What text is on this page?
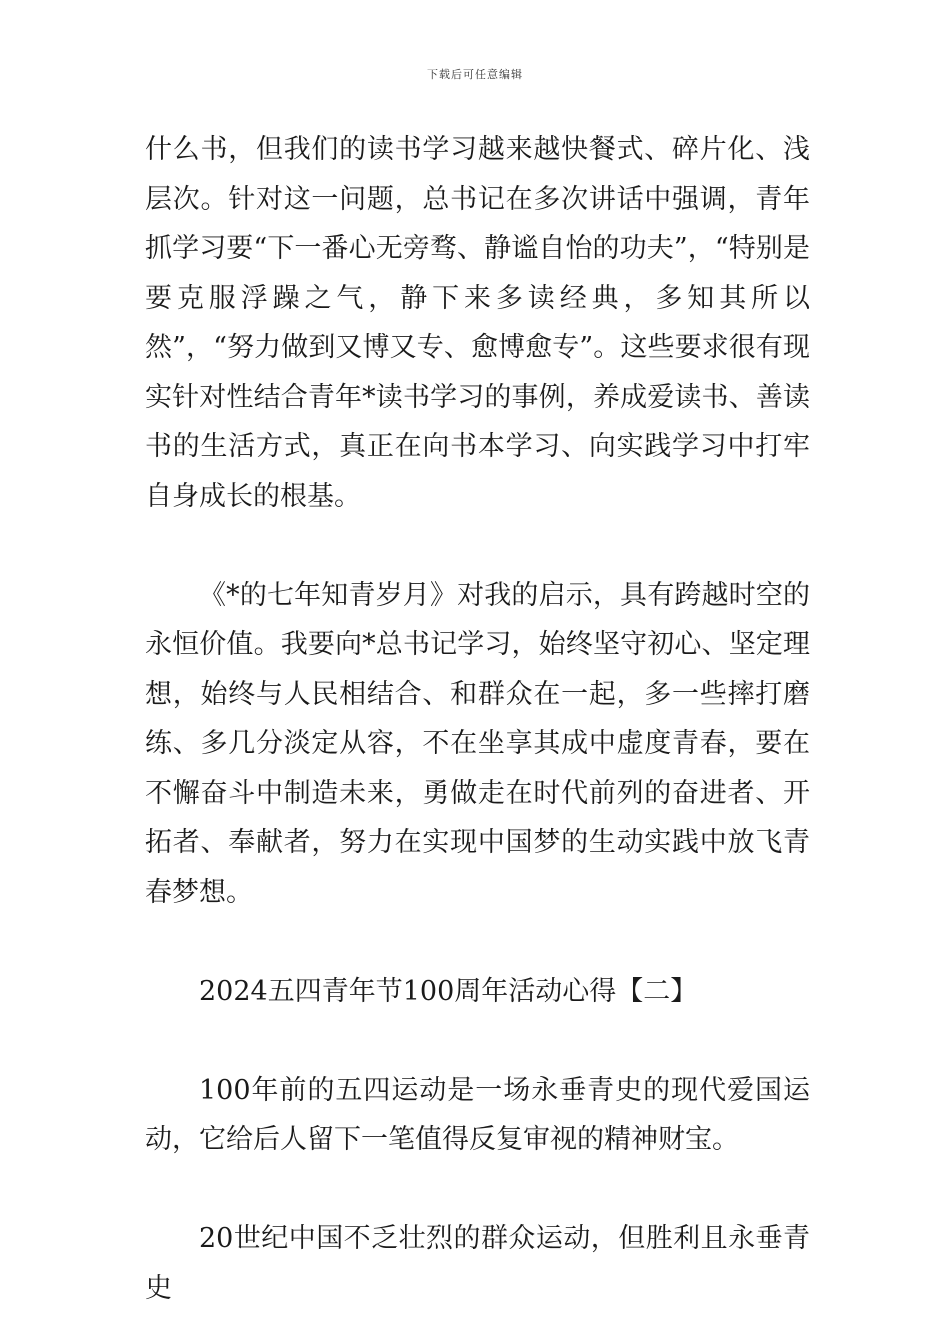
下载后可任意编辑

什么书，但我们的读书学习越来越快餐式、碎片化、浅层次。针对这一问题，总书记在多次讲话中强调，青年抓学习要“下一番心无旁骛、静谧自怡的功夫”，“特别是要克服浮躁之气，静下来多读经典，多知其所以然”，“努力做到又博又专、愈博愈专”。这些要求很有现实针对性结合青年*读书学习的事例，养成爱读书、善读书的生活方式，真正在向书本学习、向实践学习中打牢自身成长的根基。

《*的七年知青岁月》对我的启示，具有跨越时空的永恒价值。我要向*总书记学习，始终坚守初心、坚定理想，始终与人民相结合、和群众在一起，多一些摔打磨练、多几分淡定从容，不在坐享其成中虚度青春，要在不懈奋斗中制造未来，勇做走在时代前列的奋进者、开拓者、奉献者，努力在实现中国梦的生动实践中放飞青春梦想。

2024五四青年节100周年活动心得【二】

100年前的五四运动是一场永垂青史的现代爱国运动，它给后人留下一笔值得反复审视的精神财宝。

20世纪中国不乏壮烈的群众运动，但胜利且永垂青史
